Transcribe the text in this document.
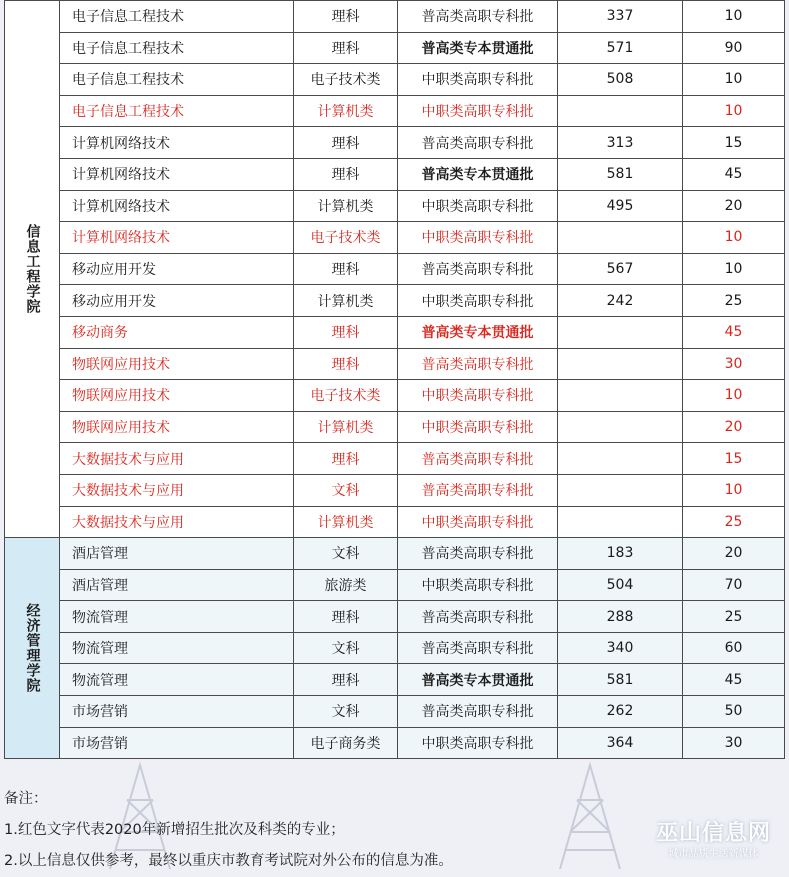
信息工程学院	电子信息工程技术	理科	普高类高职专科批	337	10
	电子信息工程技术	理科	普高类专本贯通批	571	90
	电子信息工程技术	电子技术类	中职类高职专科批	508	10
	电子信息工程技术	计算机类	中职类高职专科批		10
	计算机网络技术	理科	普高类高职专科批	313	15
	计算机网络技术	理科	普高类专本贯通批	581	45
	计算机网络技术	计算机类	中职类高职专科批	495	20
	计算机网络技术	电子技术类	中职类高职专科批		10
	移动应用开发	理科	普高类高职专科批	567	10
	移动应用开发	计算机类	中职类高职专科批	242	25
	移动商务	理科	普高类专本贯通批		45
	物联网应用技术	理科	普高类高职专科批		30
	物联网应用技术	电子技术类	中职类高职专科批		10
	物联网应用技术	计算机类	中职类高职专科批		20
	大数据技术与应用	理科	普高类高职专科批		15
	大数据技术与应用	文科	普高类高职专科批		10
	大数据技术与应用	计算机类	中职类高职专科批		25
经济管理学院	酒店管理	文科	普高类高职专科批	183	20
	酒店管理	旅游类	中职类高职专科批	504	70
	物流管理	理科	普高类高职专科批	288	25
	物流管理	文科	普高类高职专科批	340	60
	物流管理	理科	普高类专本贯通批	581	45
	市场营销	文科	普高类高职专科批	262	50
	市场营销	电子商务类	中职类高职专科批	364	30
备注：
1.红色文字代表2020年新增招生批次及科类的专业；
2.以上信息仅供参考，最终以重庆市教育考试院对外公布的信息为准。
巫山信息网
城市品质生活新媒体
